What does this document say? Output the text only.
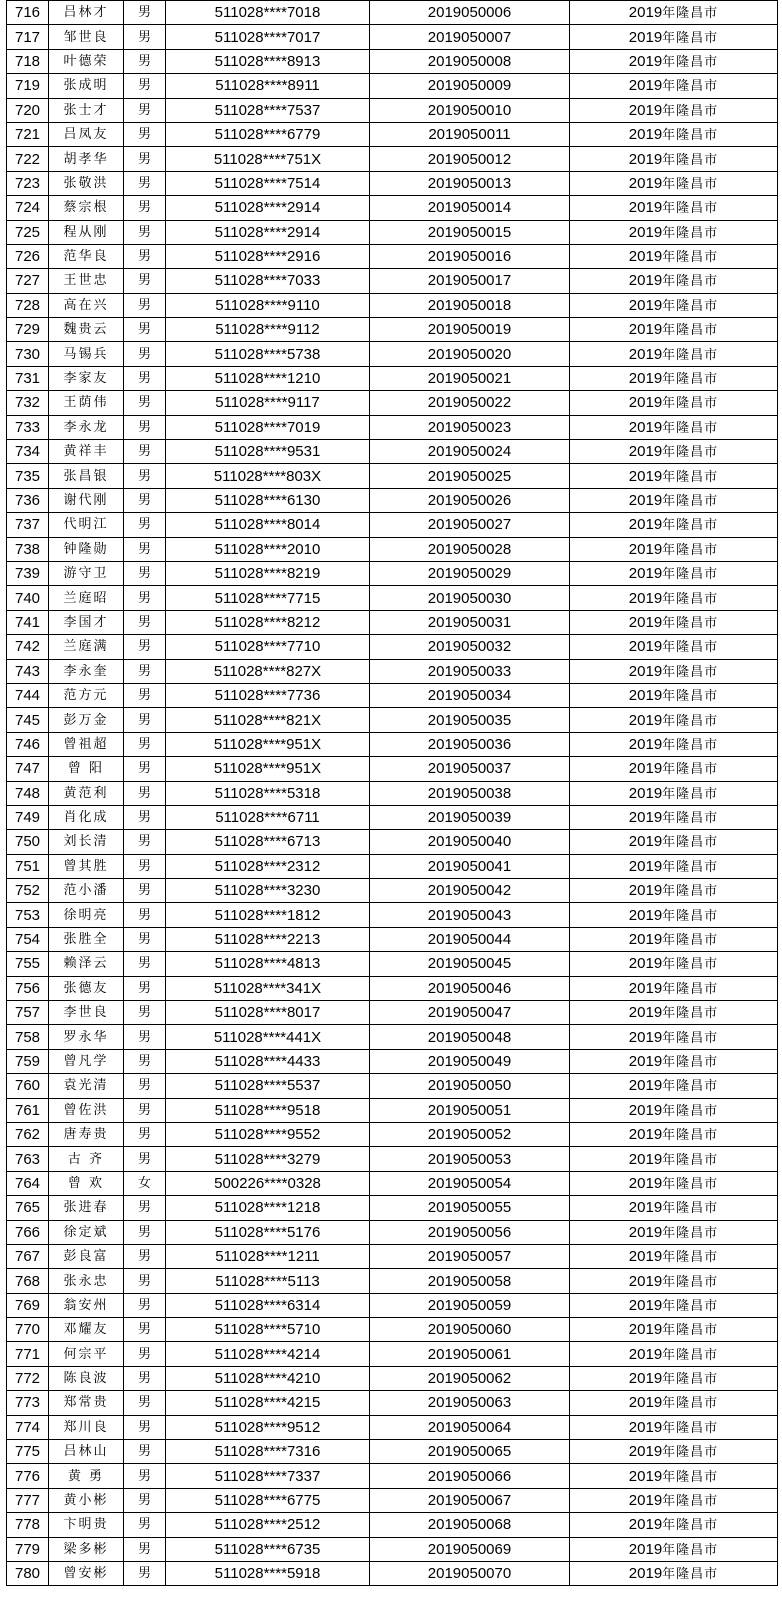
716	吕林才	男	511028****7018	2019050006	2019年隆昌市
717	邹世良	男	511028****7017	2019050007	2019年隆昌市
718	叶德荣	男	511028****8913	2019050008	2019年隆昌市
719	张成明	男	511028****8911	2019050009	2019年隆昌市
720	张士才	男	511028****7537	2019050010	2019年隆昌市
721	吕凤友	男	511028****6779	2019050011	2019年隆昌市
722	胡孝华	男	511028****751X	2019050012	2019年隆昌市
723	张敬洪	男	511028****7514	2019050013	2019年隆昌市
724	蔡宗根	男	511028****2914	2019050014	2019年隆昌市
725	程从刚	男	511028****2914	2019050015	2019年隆昌市
726	范华良	男	511028****2916	2019050016	2019年隆昌市
727	王世忠	男	511028****7033	2019050017	2019年隆昌市
728	高在兴	男	511028****9110	2019050018	2019年隆昌市
729	魏贵云	男	511028****9112	2019050019	2019年隆昌市
730	马锡兵	男	511028****5738	2019050020	2019年隆昌市
731	李家友	男	511028****1210	2019050021	2019年隆昌市
732	王荫伟	男	511028****9117	2019050022	2019年隆昌市
733	李永龙	男	511028****7019	2019050023	2019年隆昌市
734	黄祥丰	男	511028****9531	2019050024	2019年隆昌市
735	张昌银	男	511028****803X	2019050025	2019年隆昌市
736	谢代刚	男	511028****6130	2019050026	2019年隆昌市
737	代明江	男	511028****8014	2019050027	2019年隆昌市
738	钟隆勋	男	511028****2010	2019050028	2019年隆昌市
739	游守卫	男	511028****8219	2019050029	2019年隆昌市
740	兰庭昭	男	511028****7715	2019050030	2019年隆昌市
741	李国才	男	511028****8212	2019050031	2019年隆昌市
742	兰庭满	男	511028****7710	2019050032	2019年隆昌市
743	李永奎	男	511028****827X	2019050033	2019年隆昌市
744	范方元	男	511028****7736	2019050034	2019年隆昌市
745	彭万金	男	511028****821X	2019050035	2019年隆昌市
746	曾祖超	男	511028****951X	2019050036	2019年隆昌市
747	曾 阳	男	511028****951X	2019050037	2019年隆昌市
748	黄范利	男	511028****5318	2019050038	2019年隆昌市
749	肖化成	男	511028****6711	2019050039	2019年隆昌市
750	刘长清	男	511028****6713	2019050040	2019年隆昌市
751	曾其胜	男	511028****2312	2019050041	2019年隆昌市
752	范小潘	男	511028****3230	2019050042	2019年隆昌市
753	徐明亮	男	511028****1812	2019050043	2019年隆昌市
754	张胜全	男	511028****2213	2019050044	2019年隆昌市
755	赖泽云	男	511028****4813	2019050045	2019年隆昌市
756	张德友	男	511028****341X	2019050046	2019年隆昌市
757	李世良	男	511028****8017	2019050047	2019年隆昌市
758	罗永华	男	511028****441X	2019050048	2019年隆昌市
759	曾凡学	男	511028****4433	2019050049	2019年隆昌市
760	袁光清	男	511028****5537	2019050050	2019年隆昌市
761	曾佐洪	男	511028****9518	2019050051	2019年隆昌市
762	唐寿贵	男	511028****9552	2019050052	2019年隆昌市
763	古 齐	男	511028****3279	2019050053	2019年隆昌市
764	曾 欢	女	500226****0328	2019050054	2019年隆昌市
765	张进春	男	511028****1218	2019050055	2019年隆昌市
766	徐定斌	男	511028****5176	2019050056	2019年隆昌市
767	彭良富	男	511028****1211	2019050057	2019年隆昌市
768	张永忠	男	511028****5113	2019050058	2019年隆昌市
769	翁安州	男	511028****6314	2019050059	2019年隆昌市
770	邓耀友	男	511028****5710	2019050060	2019年隆昌市
771	何宗平	男	511028****4214	2019050061	2019年隆昌市
772	陈良波	男	511028****4210	2019050062	2019年隆昌市
773	郑常贵	男	511028****4215	2019050063	2019年隆昌市
774	郑川良	男	511028****9512	2019050064	2019年隆昌市
775	吕林山	男	511028****7316	2019050065	2019年隆昌市
776	黄 勇	男	511028****7337	2019050066	2019年隆昌市
777	黄小彬	男	511028****6775	2019050067	2019年隆昌市
778	卞明贵	男	511028****2512	2019050068	2019年隆昌市
779	梁多彬	男	511028****6735	2019050069	2019年隆昌市
780	曾安彬	男	511028****5918	2019050070	2019年隆昌市
